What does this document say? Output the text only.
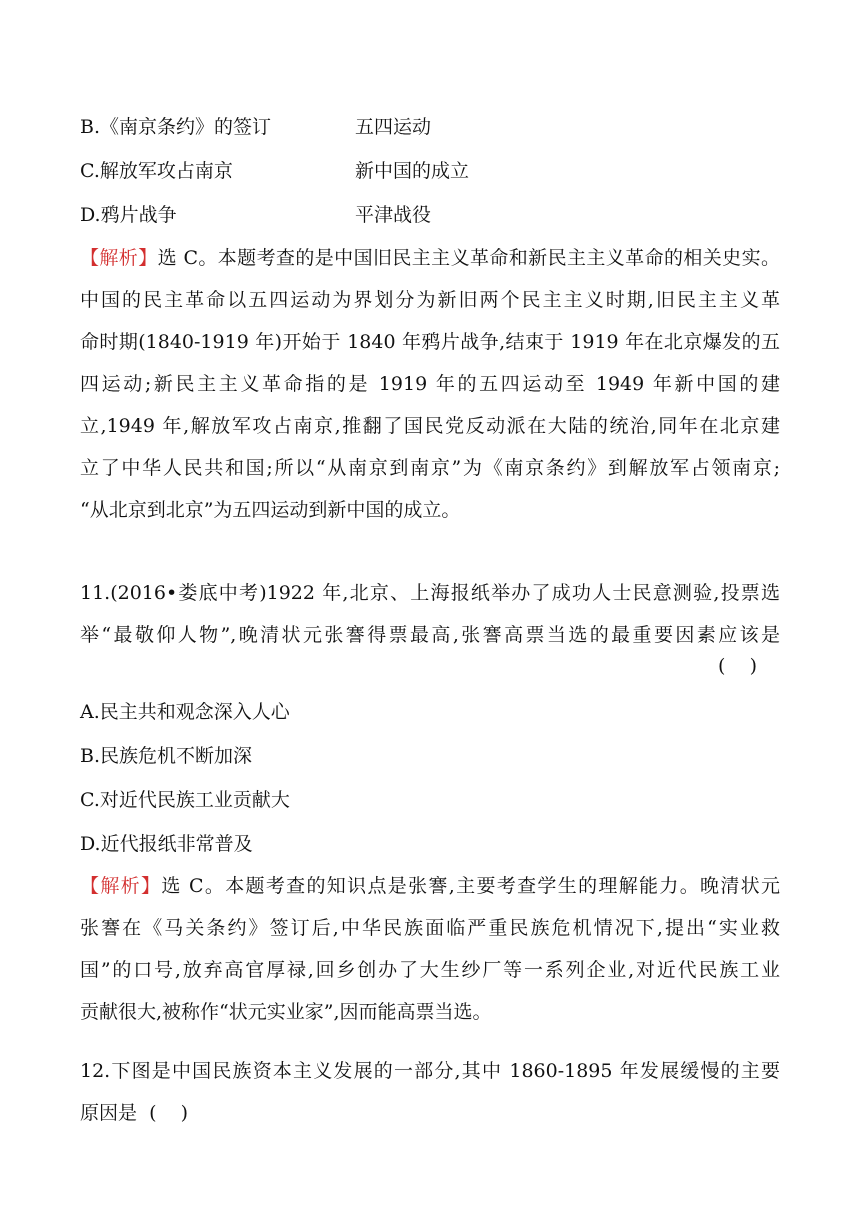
B.《南京条约》的签订	五四运动
C.解放军攻占南京	新中国的成立
D.鸦片战争	平津战役
【解析】选 C。本题考查的是中国旧民主主义革命和新民主主义革命的相关史实。
中国的民主革命以五四运动为界划分为新旧两个民主主义时期,旧民主主义革
命时期(1840-1919 年)开始于 1840 年鸦片战争,结束于 1919 年在北京爆发的五
四运动;新民主主义革命指的是 1919 年的五四运动至 1949 年新中国的建
立,1949 年,解放军攻占南京,推翻了国民党反动派在大陆的统治,同年在北京建
立了中华人民共和国;所以“从南京到南京”为《南京条约》到解放军占领南京;
“从北京到北京”为五四运动到新中国的成立。
11.(2016•娄底中考)1922 年,北京、上海报纸举办了成功人士民意测验,投票选
举“最敬仰人物”,晚清状元张謇得票最高,张謇高票当选的最重要因素应该是
(    )
A.民主共和观念深入人心
B.民族危机不断加深
C.对近代民族工业贡献大
D.近代报纸非常普及
【解析】选 C。本题考查的知识点是张謇,主要考查学生的理解能力。晚清状元
张謇在《马关条约》签订后,中华民族面临严重民族危机情况下,提出“实业救
国”的口号,放弃高官厚禄,回乡创办了大生纱厂等一系列企业,对近代民族工业
贡献很大,被称作“状元实业家”,因而能高票当选。
12.下图是中国民族资本主义发展的一部分,其中 1860-1895 年发展缓慢的主要
原因是  (    )
